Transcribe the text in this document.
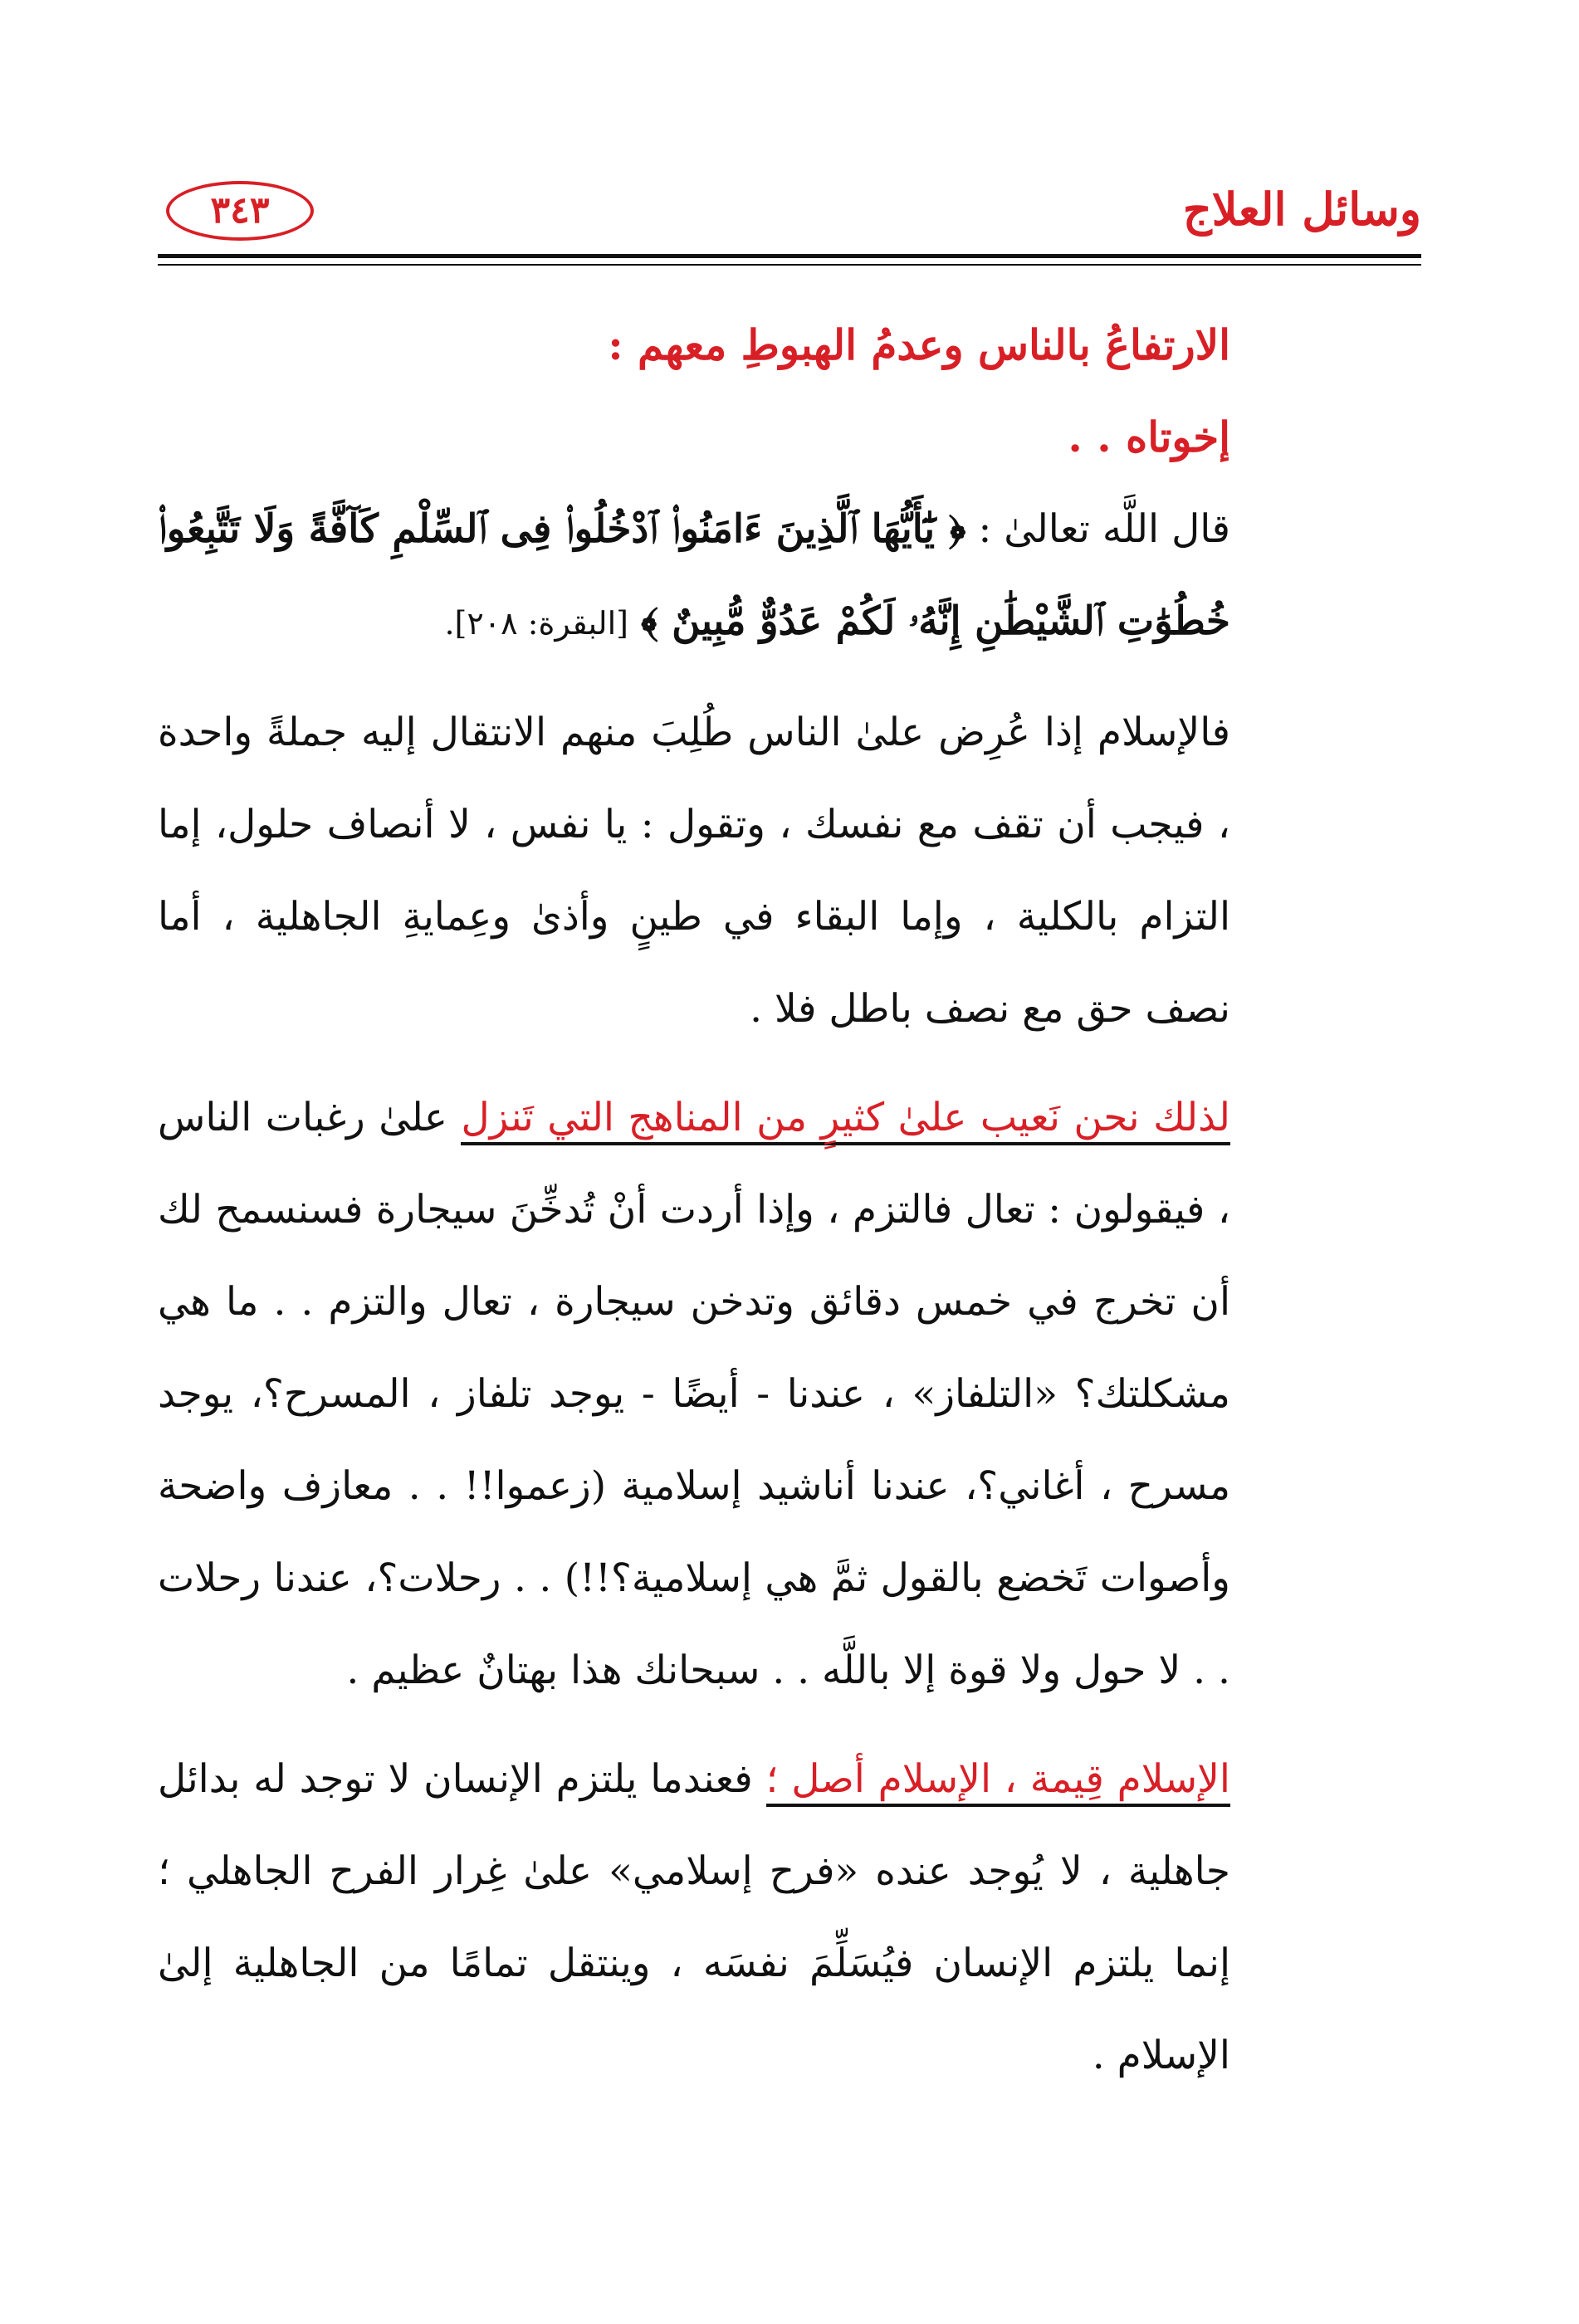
وسائل العلاج
٣٤٣
الارتفاعُ بالناس وعدمُ الهبوطِ معهم :
إخوتاه . .

قال اللَّه تعالىٰ : ﴿ يَٰٓأَيُّهَا ٱلَّذِينَ ءَامَنُوا۟ ٱدْخُلُوا۟ فِى ٱلسِّلْمِ كَآفَّةً وَلَا تَتَّبِعُوا۟ خُطُوَٰتِ ٱلشَّيْطَٰنِ إِنَّهُۥ لَكُمْ عَدُوٌّ مُّبِينٌ ﴾ [البقرة: ٢٠٨].

فالإسلام إذا عُرِض علىٰ الناس طُلِبَ منهم الانتقال إليه جملةً واحدة ، فيجب أن تقف مع نفسك ، وتقول : يا نفس ، لا أنصاف حلول، إما التزام بالكلية ، وإما البقاء في طينٍ وأذىٰ وعِمايةِ الجاهلية ، أما نصف حق مع نصف باطل فلا .

لذلك نحن نَعيب علىٰ كثيرٍ من المناهج التي تَنزل علىٰ رغبات الناس ، فيقولون : تعال فالتزم ، وإذا أردت أنْ تُدخِّنَ سيجارة فسنسمح لك أن تخرج في خمس دقائق وتدخن سيجارة ، تعال والتزم . . ما هي مشكلتك؟ «التلفاز» ، عندنا - أيضًا - يوجد تلفاز ، المسرح؟، يوجد مسرح ، أغاني؟، عندنا أناشيد إسلامية (زعموا!! . . معازف واضحة وأصوات تَخضع بالقول ثمَّ هي إسلامية؟!!) . . رحلات؟، عندنا رحلات . . لا حول ولا قوة إلا باللَّه . . سبحانك هذا بهتانٌ عظيم .

الإسلام قِيمة ، الإسلام أصل ؛ فعندما يلتزم الإنسان لا توجد له بدائل جاهلية ، لا يُوجد عنده «فرح إسلامي» علىٰ غِرار الفرح الجاهلي ؛ إنما يلتزم الإنسان فيُسَلِّمَ نفسَه ، وينتقل تمامًا من الجاهلية إلىٰ الإسلام .
